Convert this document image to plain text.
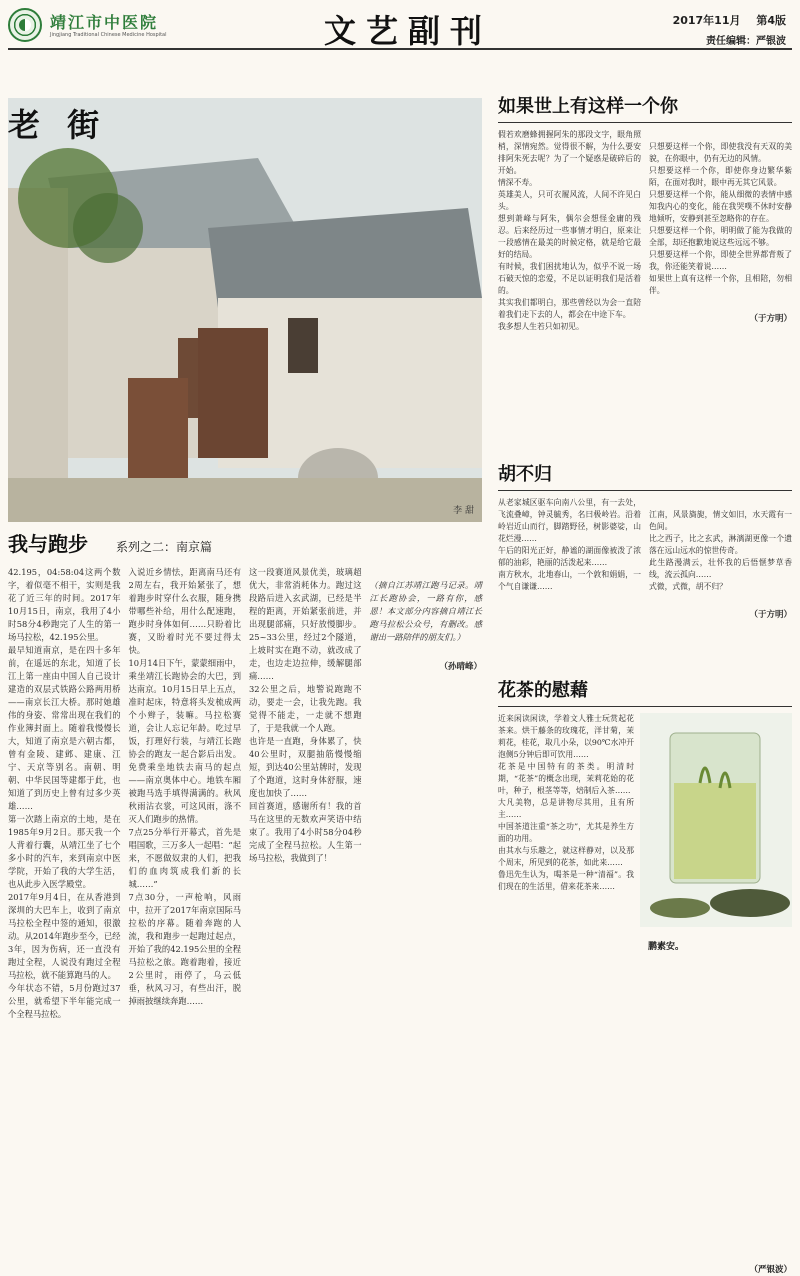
靖江市中医院
Jingjiang Traditional Chinese Medicine Hospital	文艺副刊	2017年11月 第4版
责任编辑：严银波
李 甜
老 街
我与跑步 系列之二：南京篇
42.195，04:58:04这两个数字，着似毫不相干，实则是我花了近三年的时间。2017年10月15日，南京，我用了4小时58分4秒跑完了人生的第一场马拉松，42.195公里。
最早知道南京，是在四十多年前，在遥远的东北，知道了长江上第一座由中国人自己设计建造的双层式铁路公路两用桥——南京长江大桥。那时她雄伟的身姿、常常出现在我们的作业簿封面上。随着我慢慢长大，知道了南京是六朝古都，曾有金陵、建邺、建康、江宁、天京等别名。南朝、明朝、中华民国等建都于此，也知道了到历史上曾有过多少英雄……
第一次踏上南京的土地，是在1985年9月2日。那天我一个人背着行囊，从靖江坐了七个多小时的汽车，来到南京中医学院，开始了我的大学生活，也从此步入医学殿堂。
2017年9月4日，在从香港到深圳的大巴车上，收到了南京马拉松全程中签的通知，很激动。从2014年跑步至今，已经3年，因为伤病，还一直没有跑过全程，人说没有跑过全程马拉松，就不能算跑马的人。
今年状态不错，5月份跑过37公里，就希望下半年能完成一个全程马拉松。
入说近乡情怯，距离南马还有2周左右，我开始紧张了，想着跑步时穿什么衣服，随身携带哪些补给，用什么配速跑，跑步时身体如何……只盼着比赛，又盼着时光不要过得太快。
10月14日下午，蒙蒙细雨中，乘坐靖江长跑协会的大巴，到达南京。10月15日早上五点，准时起床，特意将头发梳成两个小辫子，装嘛。马拉松赛道，会让人忘记年龄。吃过早饭，打理好行装，与靖江长跑协会的跑友一起合影后出发。免费乘坐地铁去南马的起点——南京奥体中心。地铁车厢被跑马选手填得满满的。秋风秋雨沾衣裳，可这风雨，涤不灭人们跑步的热情。
7点25分举行开幕式，首先是唱国歌，三万多人一起唱：“起来，不愿做奴隶的人们，把我们的血肉筑成我们新的长城……”
7点30分，一声枪响，风雨中，拉开了2017年南京国际马拉松的序幕。随着奔跑的人流，我和跑步一起跑过起点，开始了我的42.195公里的全程马拉松之旅。跑着跑着，接近2公里时，雨停了，乌云低垂，秋风习习，有些出汗，脱掉雨披继续奔跑……
这一段赛道风景优美，玻璃超优大，非常消耗体力。跑过这段路后进入玄武湖，已经是半程的距离，开始紧张前进，并出现腿部痛，只好放慢脚步。25~33公里，经过2个隧道，上坡时实在跑不动，就改成了走，也边走边拉伸，缓解腿部痛……
32公里之后，地警说跑跑不动，要走一会，让我先跑。我觉得不能走，一走就不想跑了，于是我就一个人跑。
也许是一直跑，身体累了，快40公里时，双腿抽筋慢慢缩短，到达40公里站牌时，发现了个跑道，这时身体舒服，速度也加快了……
回首赛道，感谢所有！我的首马在这里的无数欢声笑语中结束了。我用了4小时58分04秒完成了全程马拉松。人生第一场马拉松，我做到了！

（摘自江苏靖江跑马记录。靖江长跑协会，一路有你，感恩！本文部分内容摘自靖江长跑马拉松公众号，有删改。感谢出一路陪伴的朋友们。）

（孙晴峰）

如果世上有这样一个你
假若欢磨蜂拥握阿朱的那段文字，眼角照梢，深情宛然。觉得很不解，为什么要安排阿朱死去呢？为了一个疑惑是破碎后的开始。
情深不寿。
英雄美人，只可衣履风流，人间不许见白头。
想到萧峰与阿朱，偶尔会想怪金庸的残忍。后来经历过一些事情才明白，原来让一段感情在最美的时候定格，就是给它最好的结局。
有时候，我们困扰地认为，似乎不说一场石破天惊的恋爱，不足以证明我们是活着的。
其实我们都明白，那些曾经以为会一直陪着我们走下去的人，都会在中途下车。
我多想人生若只如初见。

只想要这样一个你，即使我没有天双的美貌，在你眼中，仍有无边的风情。
只想要这样一个你，即使你身边繁华紫陌，在面对我时，眼中再无其它风景。
只想要这样一个你，能从细微的表情中感知我内心的变化，能在我哭噗不休时安静地倾听，安静到甚至忽略你的存在。
只想要这样一个你，明明做了能为我做的全部，却还抱歉地说这些远远不够。
只想要这样一个你，即使全世界都背叛了我，你还能笑着说……
如果世上真有这样一个你，且相陪，勿相伴。

（于方明）

胡不归
从老家城区驱车向南八公里，有一去处，飞流叠嶂，钟灵毓秀，名曰极岭岩。沿着岭岩近山而行，脚踏野径，树影婆娑，山花烂漫……
午后的阳光正好，静谧的湖面像被泼了浓郁的油彩，艳丽的活泼起来……
南方秋水，北地春山，一个敦和娟娟，一个气自谦谦……

江南，风景旖旎，情文如旧，水天霞有一色间。
比之西子，比之玄武，淋漓湖更像一个遗落在远山远水的惊世传奇。
此生路漫满云，壮怀我的后悟惬梦草香线，流云孤向……
式微，式微，胡不归？

（于方明）

花茶的慰藉
近来闲读闲读，学着文人雅士玩赏起花茶来。烘干藤条的玫瑰花，洋甘菊，茉莉花，桂花，取几小朵，以90℃水冲开泡侧5分钟后即可饮用……
花茶是中国特有的茶类。明清时期，“花茶”的概念出现，茉莉花始的花叶，种子，根茎等等，焙制后入茶……
大凡美物，总是讲物尽其用，且有所主……
中国茶道注重“茶之功”，尤其是养生方面的功用。
由其水与乐趣之，就这样静对，以及那个周末，所见到的花茶，如此来……
鲁迅先生认为，喝茶是一种“清福”。我们现在的生活里，借来花茶来……
鹏素安。
（严银波）
